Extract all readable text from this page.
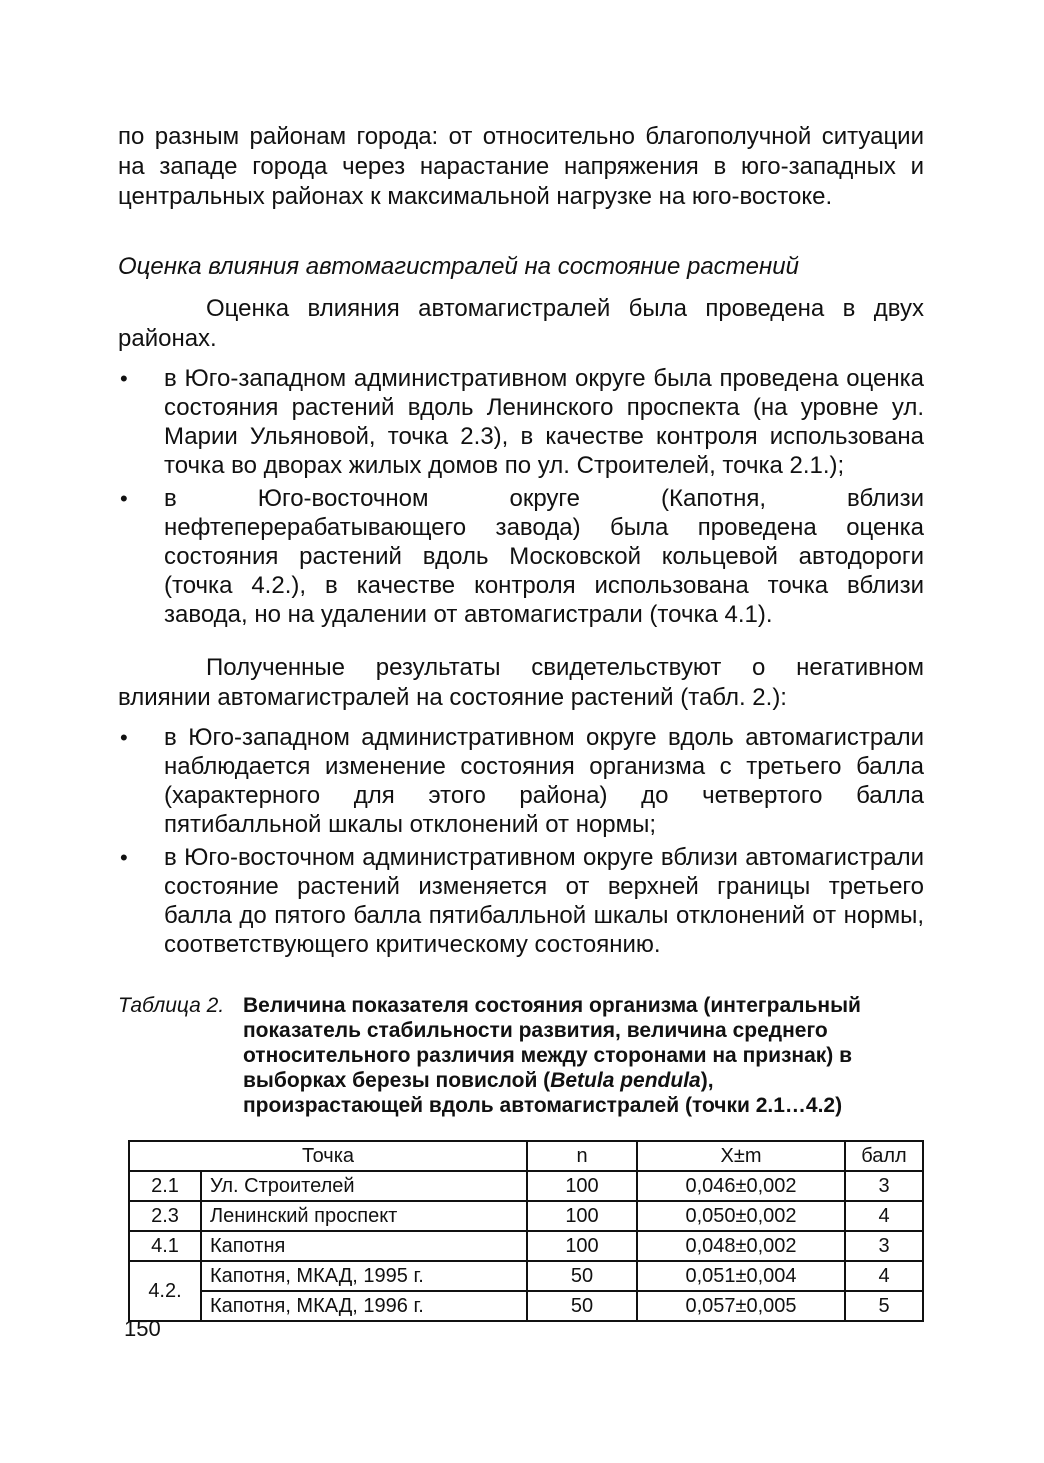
по разным районам города: от относительно благополучной ситуации на западе города через нарастание напряжения в юго-западных и центральных районах к максимальной нагрузке на юго-востоке.

Оценка влияния автомагистралей на состояние растений

Оценка влияния автомагистралей была проведена в двух районах.

• в Юго-западном административном округе была проведена оценка состояния растений вдоль Ленинского проспекта (на уровне ул. Марии Ульяновой, точка 2.3), в качестве контроля использована точка во дворах жилых домов по ул. Строителей, точка 2.1.);
• в Юго-восточном округе (Капотня, вблизи нефтеперерабатывающего завода) была проведена оценка состояния растений вдоль Московской кольцевой автодороги (точка 4.2.), в качестве контроля использована точка вблизи завода, но на удалении от автомагистрали (точка 4.1).

Полученные результаты свидетельствуют о негативном влиянии автомагистралей на состояние растений (табл. 2.):

• в Юго-западном административном округе вдоль автомагистрали наблюдается изменение состояния организма с третьего балла (характерного для этого района) до четвертого балла пятибалльной шкалы отклонений от нормы;
• в Юго-восточном административном округе вблизи автомагистрали состояние растений изменяется от верхней границы третьего балла до пятого балла пятибалльной шкалы отклонений от нормы, соответствующего критическому состоянию.
Таблица 2. Величина показателя состояния организма (интегральный показатель стабильности развития, величина среднего относительного различия между сторонами на признак) в выборках березы повислой (Betula pendula), произрастающей вдоль автомагистралей (точки 2.1…4.2)
Точка		n	X±m	балл
2.1	Ул. Строителей	100	0,046±0,002	3
2.3	Ленинский проспект	100	0,050±0,002	4
4.1	Капотня	100	0,048±0,002	3
4.2.	Капотня, МКАД, 1995 г.	50	0,051±0,004	4
	Капотня, МКАД, 1996 г.	50	0,057±0,005	5
150
